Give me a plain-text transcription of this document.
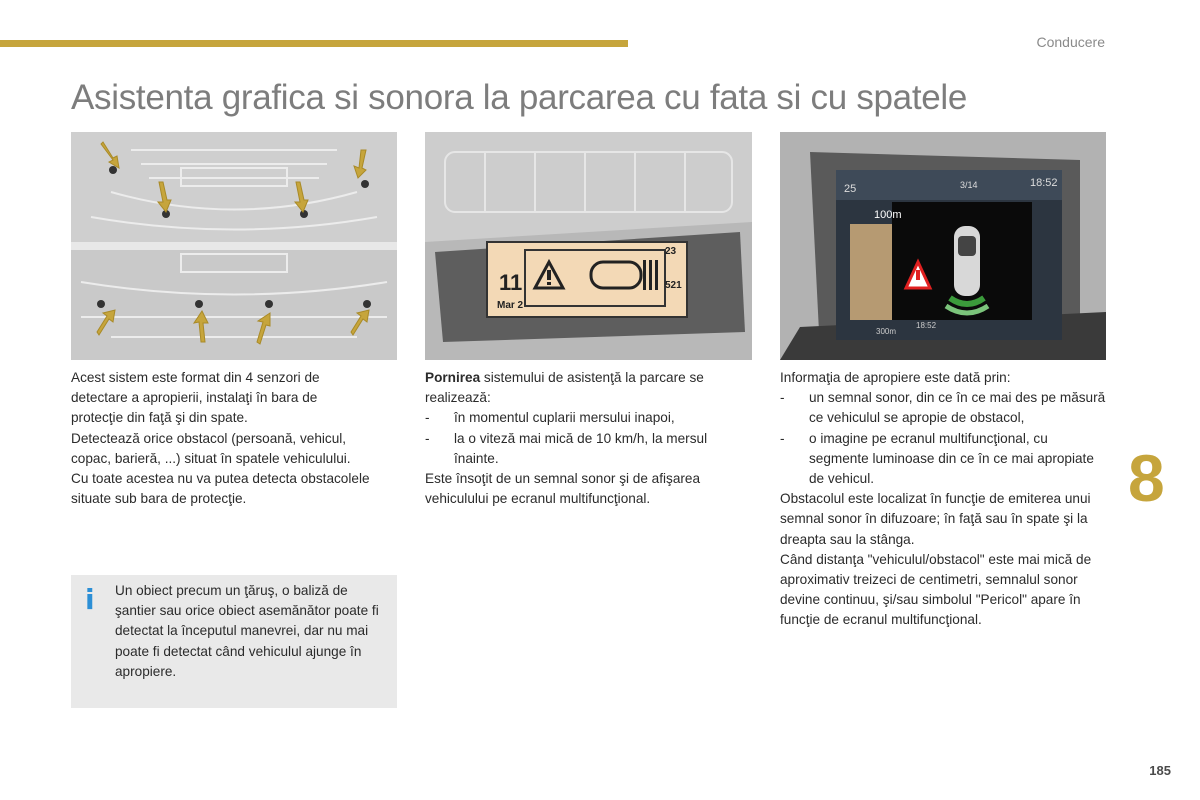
Conducere
Asistenta grafica si sonora la parcarea cu fata si cu spatele
11
Mar 2
23
521
25	3/14	18:52
100m
300m
18:52

Acest sistem este format din 4 senzori de detectare a apropierii, instalaţi în bara de protecţie din faţă şi din spate.

Detectează orice obstacol (persoană, vehicul, copac, barieră, ...) situat în spatele vehiculului.

Cu toate acestea nu va putea detecta obstacolele situate sub bara de protecţie.

i Un obiect precum un ţăruş, o baliză de şantier sau orice obiect asemănător poate fi detectat la începutul manevrei, dar nu mai poate fi detectat când vehiculul ajunge în apropiere.

Pornirea sistemului de asistenţă la parcare se realizează:

- în momentul cuplarii mersului inapoi,
- la o viteză mai mică de 10 km/h, la mersul înainte.

Este însoţit de un semnal sonor şi de afişarea vehiculului pe ecranul multifuncţional.

Informaţia de apropiere este dată prin:

- un semnal sonor, din ce în ce mai des pe măsură ce vehiculul se apropie de obstacol,
- o imagine pe ecranul multifuncţional, cu segmente luminoase din ce în ce mai apropiate de vehicul.

Obstacolul este localizat în funcţie de emiterea unui semnal sonor în difuzoare; în faţă sau în spate şi la dreapta sau la stânga.

Când distanţa "vehiculul/obstacol" este mai mică de aproximativ treizeci de centimetri, semnalul sonor devine continuu, şi/sau simbolul "Pericol" apare în funcţie de ecranul multifuncţional.

8
185
